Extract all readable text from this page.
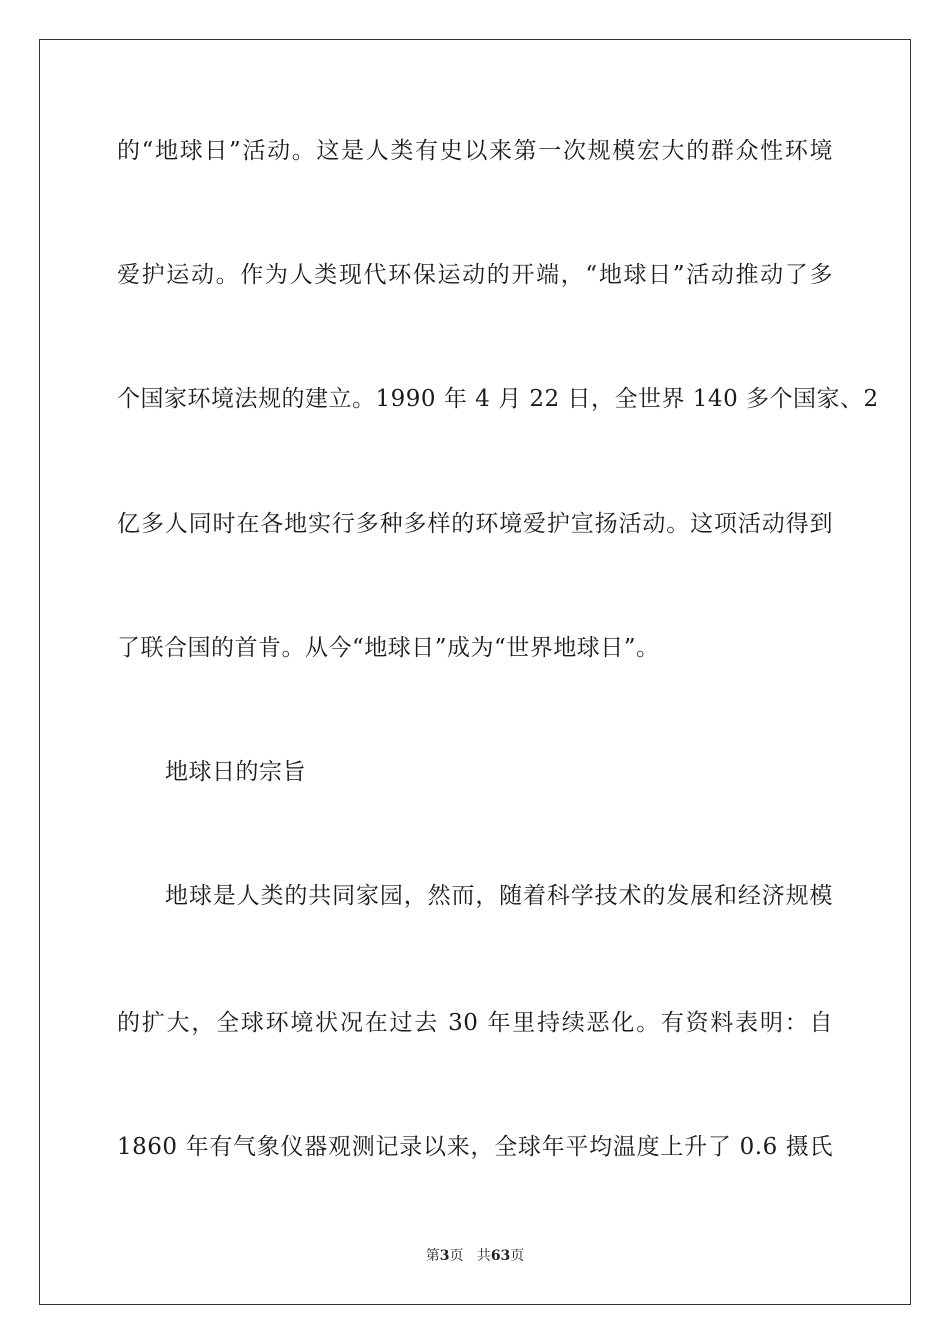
的“地球日”活动。这是人类有史以来第一次规模宏大的群众性环境
爱护运动。作为人类现代环保运动的开端，“地球日”活动推动了多
个国家环境法规的建立。1990 年 4 月 22 日，全世界 140 多个国家、2
亿多人同时在各地实行多种多样的环境爱护宣扬活动。这项活动得到
了联合国的首肯。从今“地球日”成为“世界地球日”。
地球日的宗旨
地球是人类的共同家园，然而，随着科学技术的发展和经济规模
的扩大，全球环境状况在过去 30 年里持续恶化。有资料表明：自
1860 年有气象仪器观测记录以来，全球年平均温度上升了 0.6 摄氏
第3页 共63页
